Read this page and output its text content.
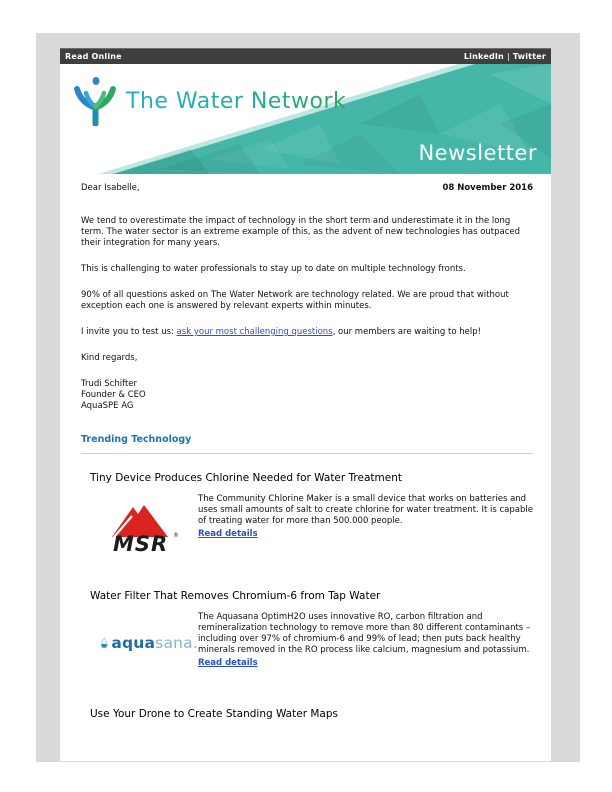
Read Online	LinkedIn | Twitter
The Water Network
Newsletter
Dear Isabelle,	08 November 2016

We tend to overestimate the impact of technology in the short term and underestimate it in the long term. The water sector is an extreme example of this, as the advent of new technologies has outpaced their integration for many years.

This is challenging to water professionals to stay up to date on multiple technology fronts.

90% of all questions asked on The Water Network are technology related. We are proud that without exception each one is answered by relevant experts within minutes.

I invite you to test us: ask your most challenging questions, our members are waiting to help!

Kind regards,

Trudi Schifter
Founder & CEO
AquaSPE AG
Trending Technology
Tiny Device Produces Chlorine Needed for Water Treatment
MSR ®
The Community Chlorine Maker is a small device that works on batteries and uses small amounts of salt to create chlorine for water treatment. It is capable of treating water for more than 500.000 people.
Read details
Water Filter That Removes Chromium-6 from Tap Water
aquasana.
The Aquasana OptimH2O uses innovative RO, carbon filtration and remineralization technology to remove more than 80 different contaminants – including over 97% of chromium-6 and 99% of lead; then puts back healthy minerals removed in the RO process like calcium, magnesium and potassium.
Read details
Use Your Drone to Create Standing Water Maps
